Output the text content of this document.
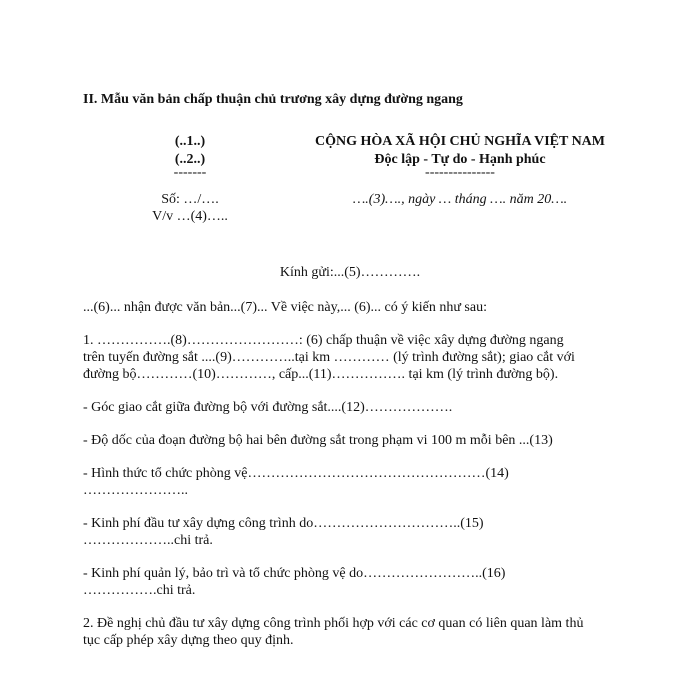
II. Mẫu văn bản chấp thuận chủ trương xây dựng đường ngang
(..1..)
(..2..)
-------
Số: …/….
V/v …(4)…..
CỘNG HÒA XÃ HỘI CHỦ NGHĨA VIỆT NAM
Độc lập - Tự do - Hạnh phúc
---------------
….(3)…., ngày … tháng …. năm 20….
Kính gửi:...(5)………….
...(6)... nhận được văn bản...(7)... Về việc này,... (6)... có ý kiến như sau:
1. …………….(8)……………………: (6) chấp thuận về việc xây dựng đường ngang
trên tuyến đường sắt ....(9)…………..tại km ………… (lý trình đường sắt); giao cắt với
đường bộ…………(10)…………, cấp...(11)……………. tại km (lý trình đường bộ).
- Góc giao cắt giữa đường bộ với đường sắt....(12)……………….
- Độ dốc của đoạn đường bộ hai bên đường sắt trong phạm vi 100 m mỗi bên ...(13)
- Hình thức tổ chức phòng vệ……………………………………………(14)
…………………..
- Kinh phí đầu tư xây dựng công trình do…………………………..(15)
………………..chi trả.
- Kinh phí quản lý, bảo trì và tổ chức phòng vệ do……………………..(16)
…………….chi trả.
2. Đề nghị chủ đầu tư xây dựng công trình phối hợp với các cơ quan có liên quan làm thủ
tục cấp phép xây dựng theo quy định.
